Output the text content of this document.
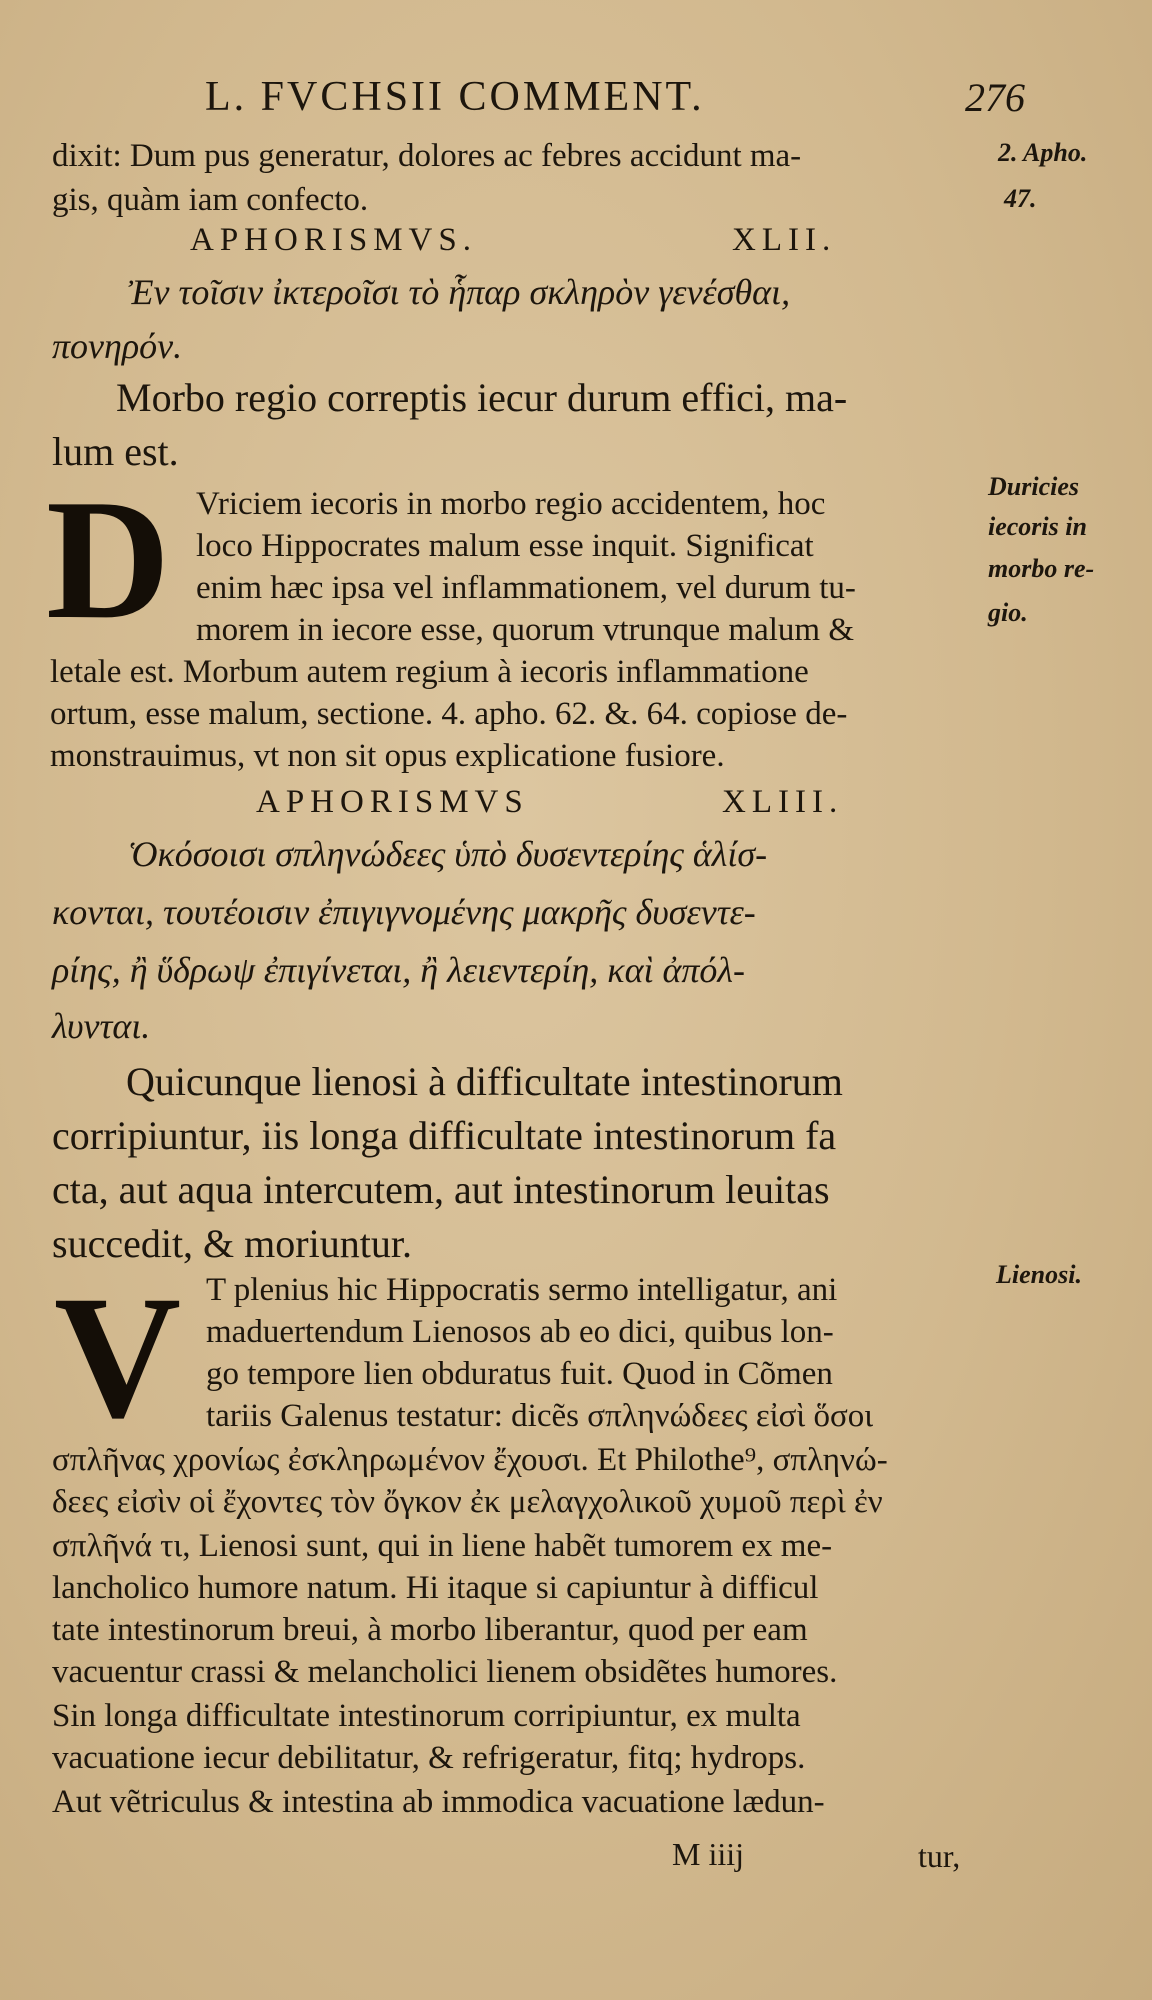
L. FVCHSII COMMENT.	276
2. Apho.
47.
Duricies
iecoris in
morbo re-
gio.
Lienosi.
dixit: Dum pus generatur, dolores ac febres accidunt ma-
gis, quàm iam confecto.
APHORISMVS.	XLII.
Ἐν τοῖσιν ἰκτεροῖσι τὸ ἧπαρ σκληρὸν γενέσθαι,
πονηρόν.
Morbo regio correptis iecur durum effici, ma-
lum est.
D Vriciem iecoris in morbo regio accidentem, hoc
loco Hippocrates malum esse inquit. Significat
enim hæc ipsa vel inflammationem, vel durum tu-
morem in iecore esse, quorum vtrunque malum &
letale est. Morbum autem regium à iecoris inflammatione
ortum, esse malum, sectione. 4. apho. 62. &. 64. copiose de-
monstrauimus, vt non sit opus explicatione fusiore.
APHORISMVS	XLIII.
Ὁκόσοισι σπληνώδεες ὑπὸ δυσεντερίης ἁλίσ-
κονται, τουτέοισιν ἐπιγιγνομένης μακρῆς δυσεντε-
ρίης, ἢ ὕδρωψ ἐπιγίνεται, ἢ λειεντερίη, καὶ ἀπόλ-
λυνται.
Quicunque lienosi à difficultate intestinorum
corripiuntur, iis longa difficultate intestinorum fa
cta, aut aqua intercutem, aut intestinorum leuitas
succedit, & moriuntur.
V T plenius hic Hippocratis sermo intelligatur, ani
maduertendum Lienosos ab eo dici, quibus lon-
go tempore lien obduratus fuit. Quod in Cõmen
tariis Galenus testatur: dicẽs σπληνώδεες εἰσὶ ὅσοι
σπλῆνας χρονίως ἐσκληρωμένον ἔχουσι. Et Philothe⁹, σπληνώ-
δεες εἰσὶν οἱ ἔχοντες τὸν ὄγκον ἐκ μελαγχολικοῦ χυμοῦ περὶ ἐν
σπλῆνά τι, Lienosi sunt, qui in liene habẽt tumorem ex me-
lancholico humore natum. Hi itaque si capiuntur à difficul
tate intestinorum breui, à morbo liberantur, quod per eam
vacuentur crassi & melancholici lienem obsidẽtes humores.
Sin longa difficultate intestinorum corripiuntur, ex multa
vacuatione iecur debilitatur, & refrigeratur, fitq; hydrops.
Aut vẽtriculus & intestina ab immodica vacuatione lædun-
M iiij	tur,
